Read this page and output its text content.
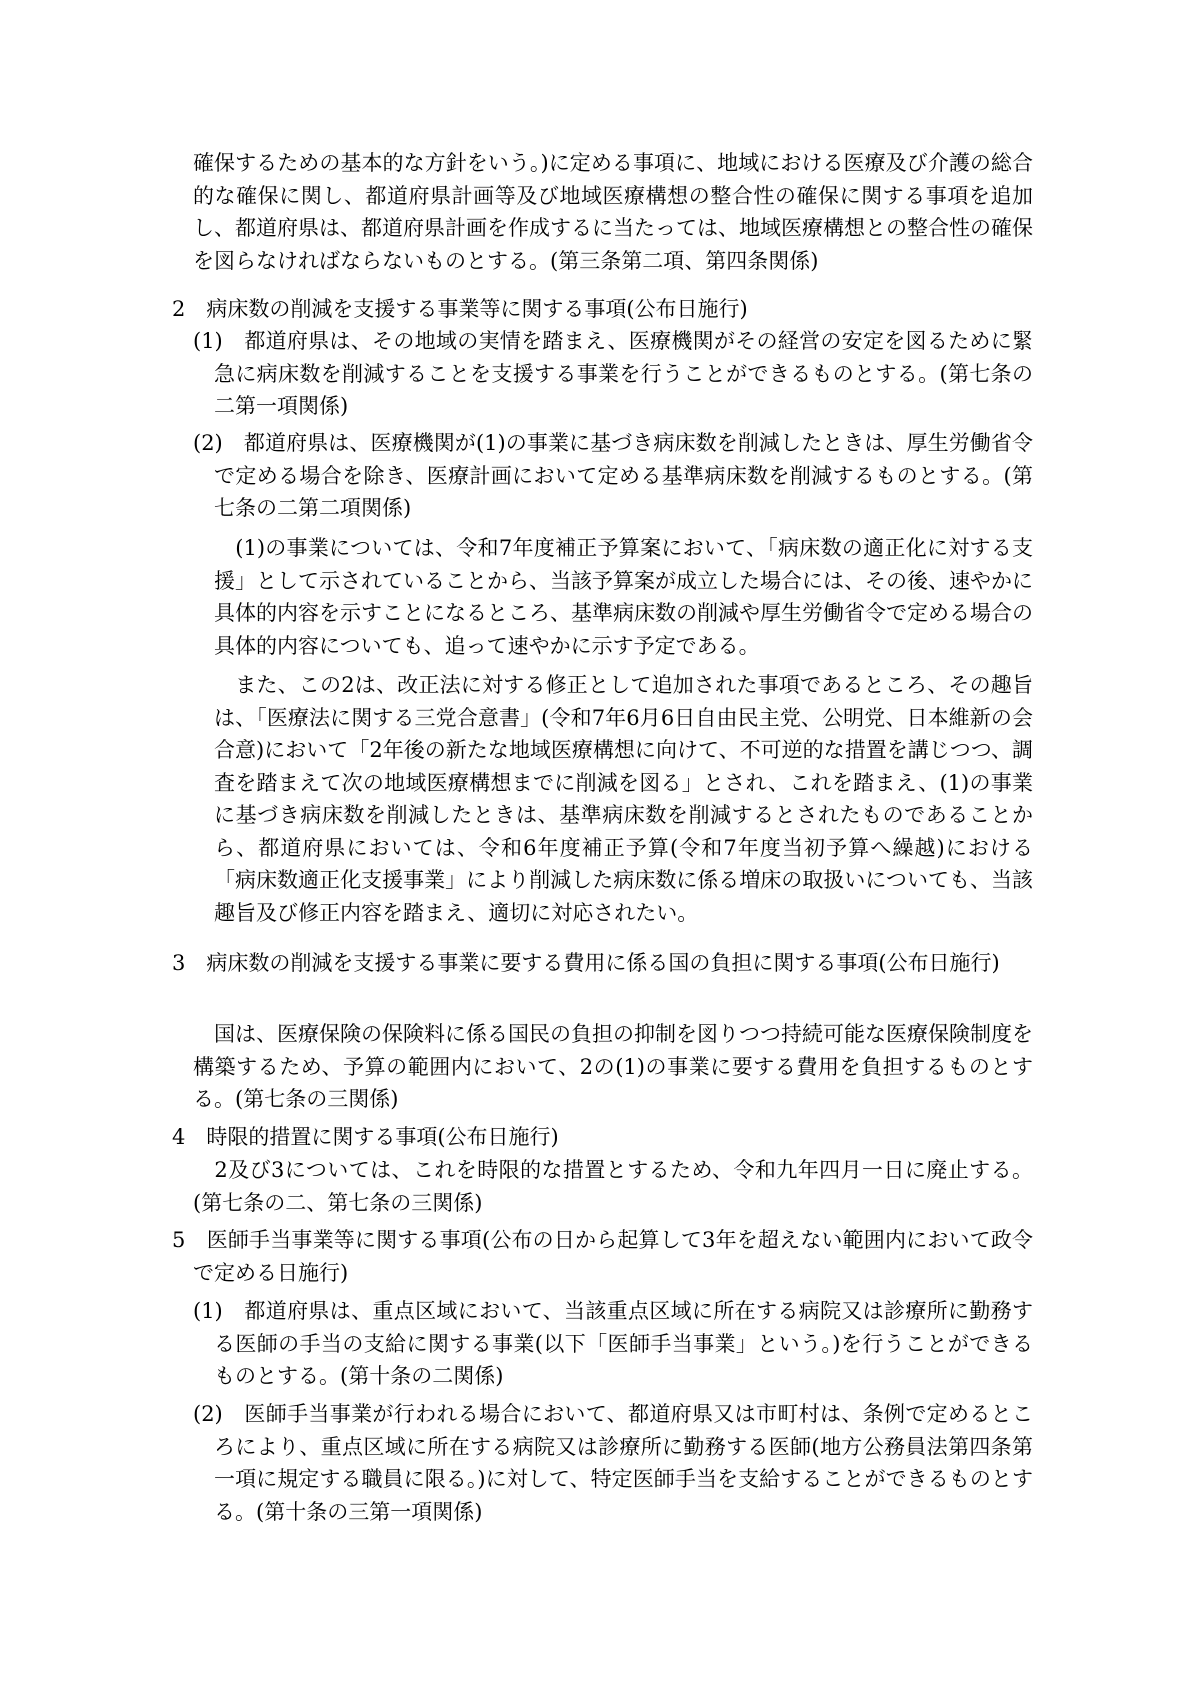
確保するための基本的な方針をいう。)に定める事項に、地域における医療及び介護の総合的な確保に関し、都道府県計画等及び地域医療構想の整合性の確保に関する事項を追加し、都道府県は、都道府県計画を作成するに当たっては、地域医療構想との整合性の確保を図らなければならないものとする。(第三条第二項、第四条関係)

2　病床数の削減を支援する事業等に関する事項(公布日施行)

(1)　都道府県は、その地域の実情を踏まえ、医療機関がその経営の安定を図るために緊急に病床数を削減することを支援する事業を行うことができるものとする。(第七条の二第一項関係)

(2)　都道府県は、医療機関が(1)の事業に基づき病床数を削減したときは、厚生労働省令で定める場合を除き、医療計画において定める基準病床数を削減するものとする。(第七条の二第二項関係)

　(1)の事業については、令和7年度補正予算案において、「病床数の適正化に対する支援」として示されていることから、当該予算案が成立した場合には、その後、速やかに具体的内容を示すことになるところ、基準病床数の削減や厚生労働省令で定める場合の具体的内容についても、追って速やかに示す予定である。

　また、この2は、改正法に対する修正として追加された事項であるところ、その趣旨は、「医療法に関する三党合意書」(令和7年6月6日自由民主党、公明党、日本維新の会合意)において「2年後の新たな地域医療構想に向けて、不可逆的な措置を講じつつ、調査を踏まえて次の地域医療構想までに削減を図る」とされ、これを踏まえ、(1)の事業に基づき病床数を削減したときは、基準病床数を削減するとされたものであることから、都道府県においては、令和6年度補正予算(令和7年度当初予算へ繰越)における「病床数適正化支援事業」により削減した病床数に係る増床の取扱いについても、当該趣旨及び修正内容を踏まえ、適切に対応されたい。

3　病床数の削減を支援する事業に要する費用に係る国の負担に関する事項(公布日施行)

　国は、医療保険の保険料に係る国民の負担の抑制を図りつつ持続可能な医療保険制度を構築するため、予算の範囲内において、2の(1)の事業に要する費用を負担するものとする。(第七条の三関係)

4　時限的措置に関する事項(公布日施行)

　2及び3については、これを時限的な措置とするため、令和九年四月一日に廃止する。(第七条の二、第七条の三関係)

5　医師手当事業等に関する事項(公布の日から起算して3年を超えない範囲内において政令で定める日施行)

(1)　都道府県は、重点区域において、当該重点区域に所在する病院又は診療所に勤務する医師の手当の支給に関する事業(以下「医師手当事業」という。)を行うことができるものとする。(第十条の二関係)

(2)　医師手当事業が行われる場合において、都道府県又は市町村は、条例で定めるところにより、重点区域に所在する病院又は診療所に勤務する医師(地方公務員法第四条第一項に規定する職員に限る。)に対して、特定医師手当を支給することができるものとする。(第十条の三第一項関係)
